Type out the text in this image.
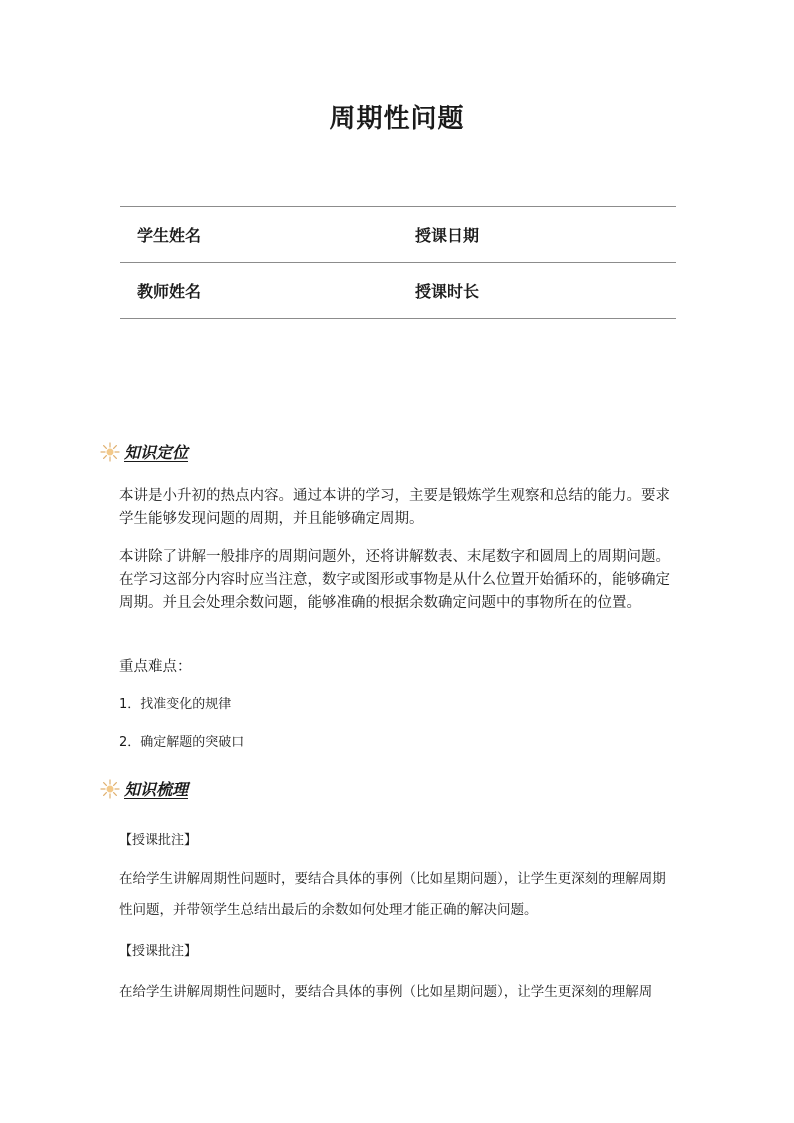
周期性问题
学生姓名	授课日期
教师姓名	授课时长
知识定位

本讲是小升初的热点内容。通过本讲的学习，主要是锻炼学生观察和总结的能力。要求学生能够发现问题的周期，并且能够确定周期。

本讲除了讲解一般排序的周期问题外，还将讲解数表、末尾数字和圆周上的周期问题。在学习这部分内容时应当注意，数字或图形或事物是从什么位置开始循环的，能够确定周期。并且会处理余数问题，能够准确的根据余数确定问题中的事物所在的位置。

重点难点：

1．找准变化的规律

2．确定解题的突破口

知识梳理

【授课批注】

在给学生讲解周期性问题时，要结合具体的事例（比如星期问题），让学生更深刻的理解周期性问题，并带领学生总结出最后的余数如何处理才能正确的解决问题。

【授课批注】

在给学生讲解周期性问题时，要结合具体的事例（比如星期问题），让学生更深刻的理解周
